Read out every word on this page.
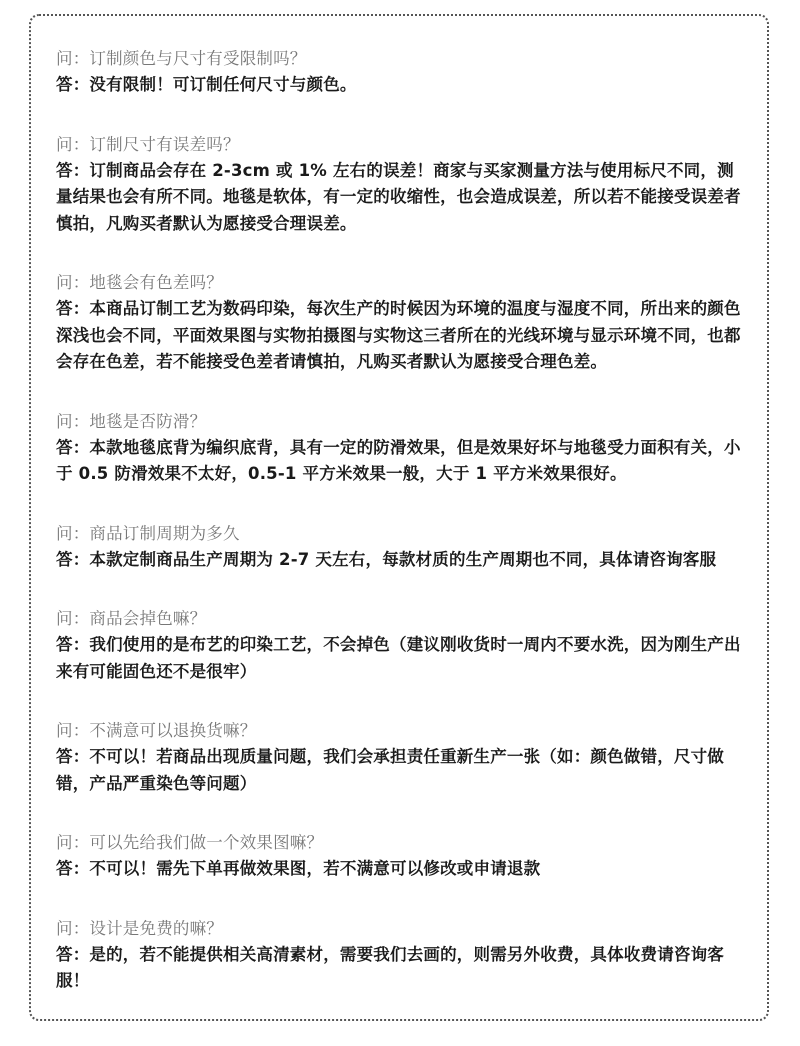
问：订制颜色与尺寸有受限制吗？
答：没有限制！可订制任何尺寸与颜色。
问：订制尺寸有误差吗？
答：订制商品会存在 2-3cm 或 1% 左右的误差！商家与买家测量方法与使用标尺不同，测量结果也会有所不同。地毯是软体，有一定的收缩性，也会造成误差，所以若不能接受误差者慎拍，凡购买者默认为愿接受合理误差。
问：地毯会有色差吗？
答：本商品订制工艺为数码印染，每次生产的时候因为环境的温度与湿度不同，所出来的颜色深浅也会不同，平面效果图与实物拍摄图与实物这三者所在的光线环境与显示环境不同，也都会存在色差，若不能接受色差者请慎拍，凡购买者默认为愿接受合理色差。
问：地毯是否防滑？
答：本款地毯底背为编织底背，具有一定的防滑效果，但是效果好坏与地毯受力面积有关，小于 0.5 防滑效果不太好，0.5-1 平方米效果一般，大于 1 平方米效果很好。
问：商品订制周期为多久
答：本款定制商品生产周期为 2-7 天左右，每款材质的生产周期也不同，具体请咨询客服
问：商品会掉色嘛？
答：我们使用的是布艺的印染工艺，不会掉色（建议刚收货时一周内不要水洗，因为刚生产出来有可能固色还不是很牢）
问：不满意可以退换货嘛？
答：不可以！若商品出现质量问题，我们会承担责任重新生产一张（如：颜色做错，尺寸做错，产品严重染色等问题）
问：可以先给我们做一个效果图嘛？
答：不可以！需先下单再做效果图，若不满意可以修改或申请退款
问：设计是免费的嘛？
答：是的，若不能提供相关高清素材，需要我们去画的，则需另外收费，具体收费请咨询客服！
